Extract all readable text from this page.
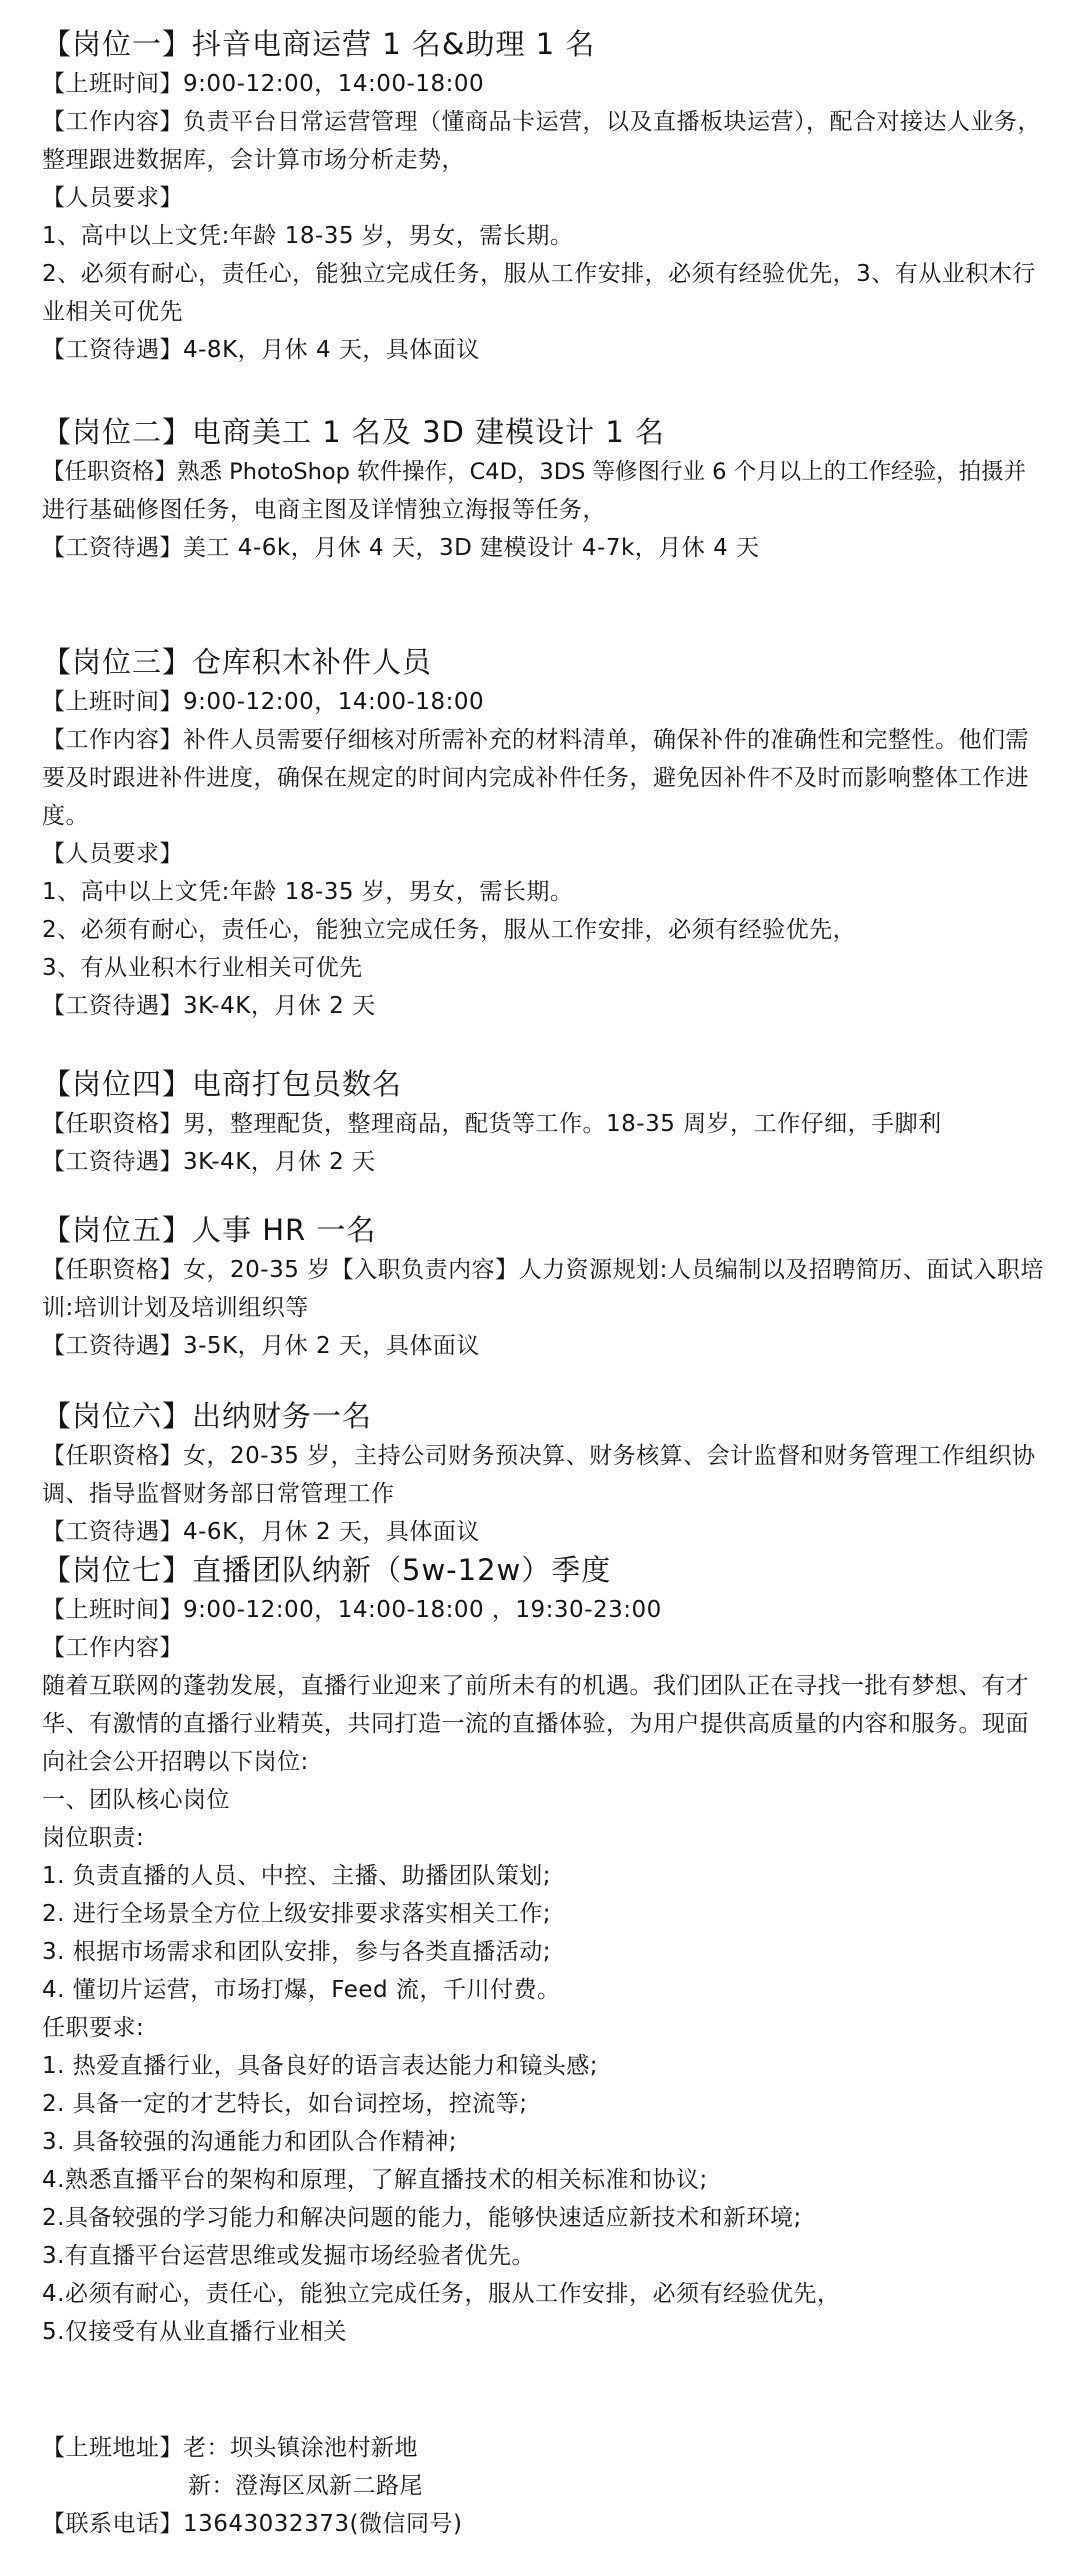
【岗位一】抖音电商运营 1 名&助理 1 名
【上班时间】9:00-12:00，14:00-18:00
【工作内容】负责平台日常运营管理（懂商品卡运营，以及直播板块运营），配合对接达人业务，
整理跟进数据库，会计算市场分析走势，
【人员要求】
1、高中以上文凭:年龄 18-35 岁，男女，需长期。
2、必须有耐心，责任心，能独立完成任务，服从工作安排，必须有经验优先，3、有从业积木行
业相关可优先
【工资待遇】4-8K，月休 4 天，具体面议
【岗位二】电商美工 1 名及 3D 建模设计 1 名
【任职资格】熟悉 PhotoShop 软件操作，C4D，3DS 等修图行业 6 个月以上的工作经验，拍摄并
进行基础修图任务，电商主图及详情独立海报等任务，
【工资待遇】美工 4-6k，月休 4 天，3D 建模设计 4-7k，月休 4 天
【岗位三】仓库积木补件人员
【上班时间】9:00-12:00，14:00-18:00
【工作内容】补件人员需要仔细核对所需补充的材料清单，确保补件的准确性和完整性。他们需
要及时跟进补件进度，确保在规定的时间内完成补件任务，避免因补件不及时而影响整体工作进
度。
【人员要求】
1、高中以上文凭:年龄 18-35 岁，男女，需长期。
2、必须有耐心，责任心，能独立完成任务，服从工作安排，必须有经验优先，
3、有从业积木行业相关可优先
【工资待遇】3K-4K，月休 2 天
【岗位四】电商打包员数名
【任职资格】男，整理配货，整理商品，配货等工作。18-35 周岁，工作仔细，手脚利
【工资待遇】3K-4K，月休 2 天
【岗位五】人事 HR 一名
【任职资格】女，20-35 岁【入职负责内容】人力资源规划:人员编制以及招聘简历、面试入职培
训:培训计划及培训组织等
【工资待遇】3-5K，月休 2 天，具体面议
【岗位六】出纳财务一名
【任职资格】女，20-35 岁，主持公司财务预决算、财务核算、会计监督和财务管理工作组织协
调、指导监督财务部日常管理工作
【工资待遇】4-6K，月休 2 天，具体面议
【岗位七】直播团队纳新（5w-12w）季度
【上班时间】9:00-12:00，14:00-18:00 ，19:30-23:00
【工作内容】
随着互联网的蓬勃发展，直播行业迎来了前所未有的机遇。我们团队正在寻找一批有梦想、有才
华、有激情的直播行业精英，共同打造一流的直播体验，为用户提供高质量的内容和服务。现面
向社会公开招聘以下岗位:
一、团队核心岗位
岗位职责:
1. 负责直播的人员、中控、主播、助播团队策划;
2. 进行全场景全方位上级安排要求落实相关工作;
3. 根据市场需求和团队安排，参与各类直播活动;
4. 懂切片运营，市场打爆，Feed 流，千川付费。
任职要求:
1. 热爱直播行业，具备良好的语言表达能力和镜头感;
2. 具备一定的才艺特长，如台词控场，控流等;
3. 具备较强的沟通能力和团队合作精神;
4.熟悉直播平台的架构和原理，了解直播技术的相关标准和协议;
2.具备较强的学习能力和解决问题的能力，能够快速适应新技术和新环境;
3.有直播平台运营思维或发掘市场经验者优先。
4.必须有耐心，责任心，能独立完成任务，服从工作安排，必须有经验优先，
5.仅接受有从业直播行业相关
【上班地址】老：坝头镇涂池村新地
新：澄海区凤新二路尾
【联系电话】13643032373(微信同号)
